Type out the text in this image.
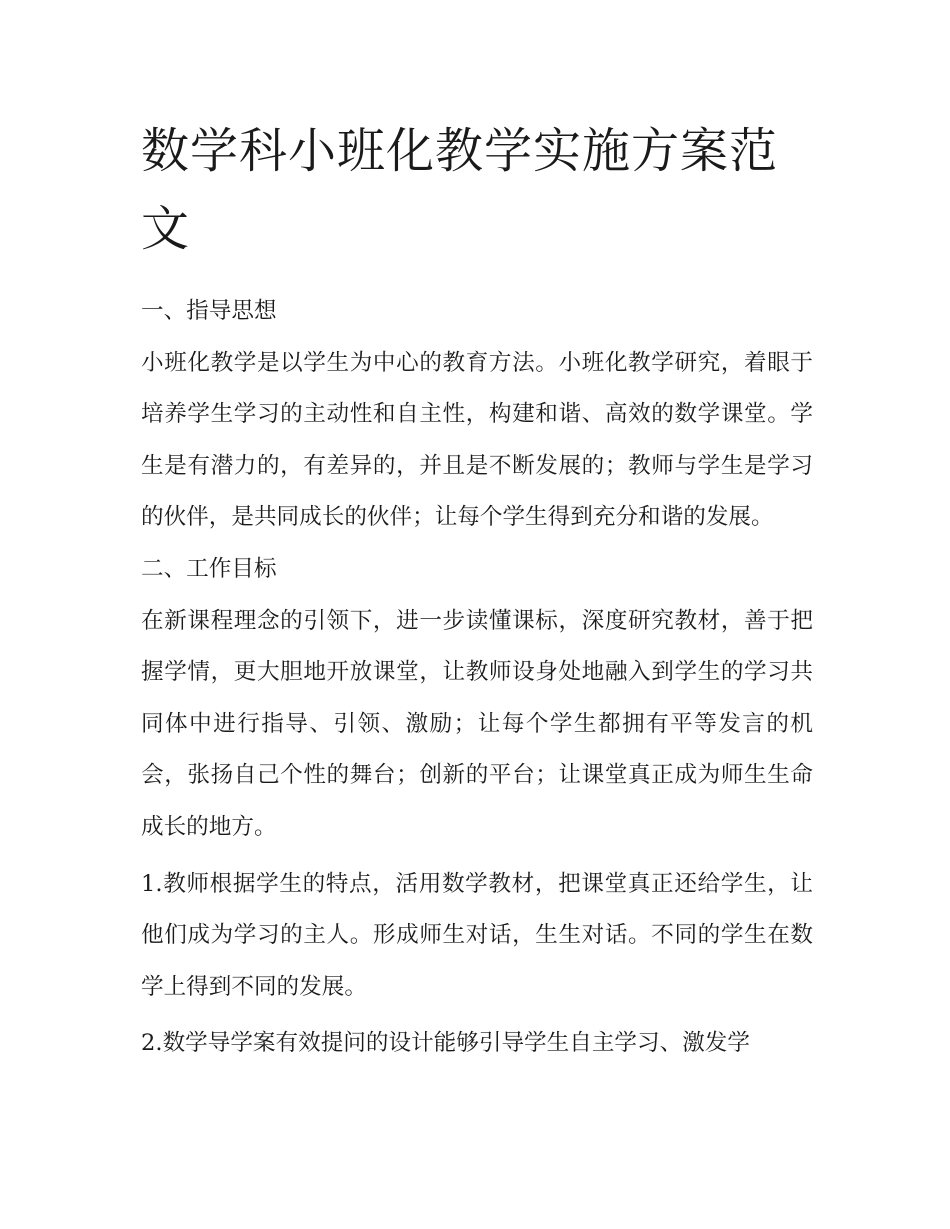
数学科小班化教学实施方案范文

一、指导思想

小班化教学是以学生为中心的教育方法。小班化教学研究，着眼于培养学生学习的主动性和自主性，构建和谐、高效的数学课堂。学生是有潜力的，有差异的，并且是不断发展的；教师与学生是学习的伙伴，是共同成长的伙伴；让每个学生得到充分和谐的发展。

二、工作目标

在新课程理念的引领下，进一步读懂课标，深度研究教材，善于把握学情，更大胆地开放课堂，让教师设身处地融入到学生的学习共同体中进行指导、引领、激励；让每个学生都拥有平等发言的机会，张扬自己个性的舞台；创新的平台；让课堂真正成为师生生命成长的地方。

1.教师根据学生的特点，活用数学教材，把课堂真正还给学生，让他们成为学习的主人。形成师生对话，生生对话。不同的学生在数学上得到不同的发展。

2.数学导学案有效提问的设计能够引导学生自主学习、激发学
